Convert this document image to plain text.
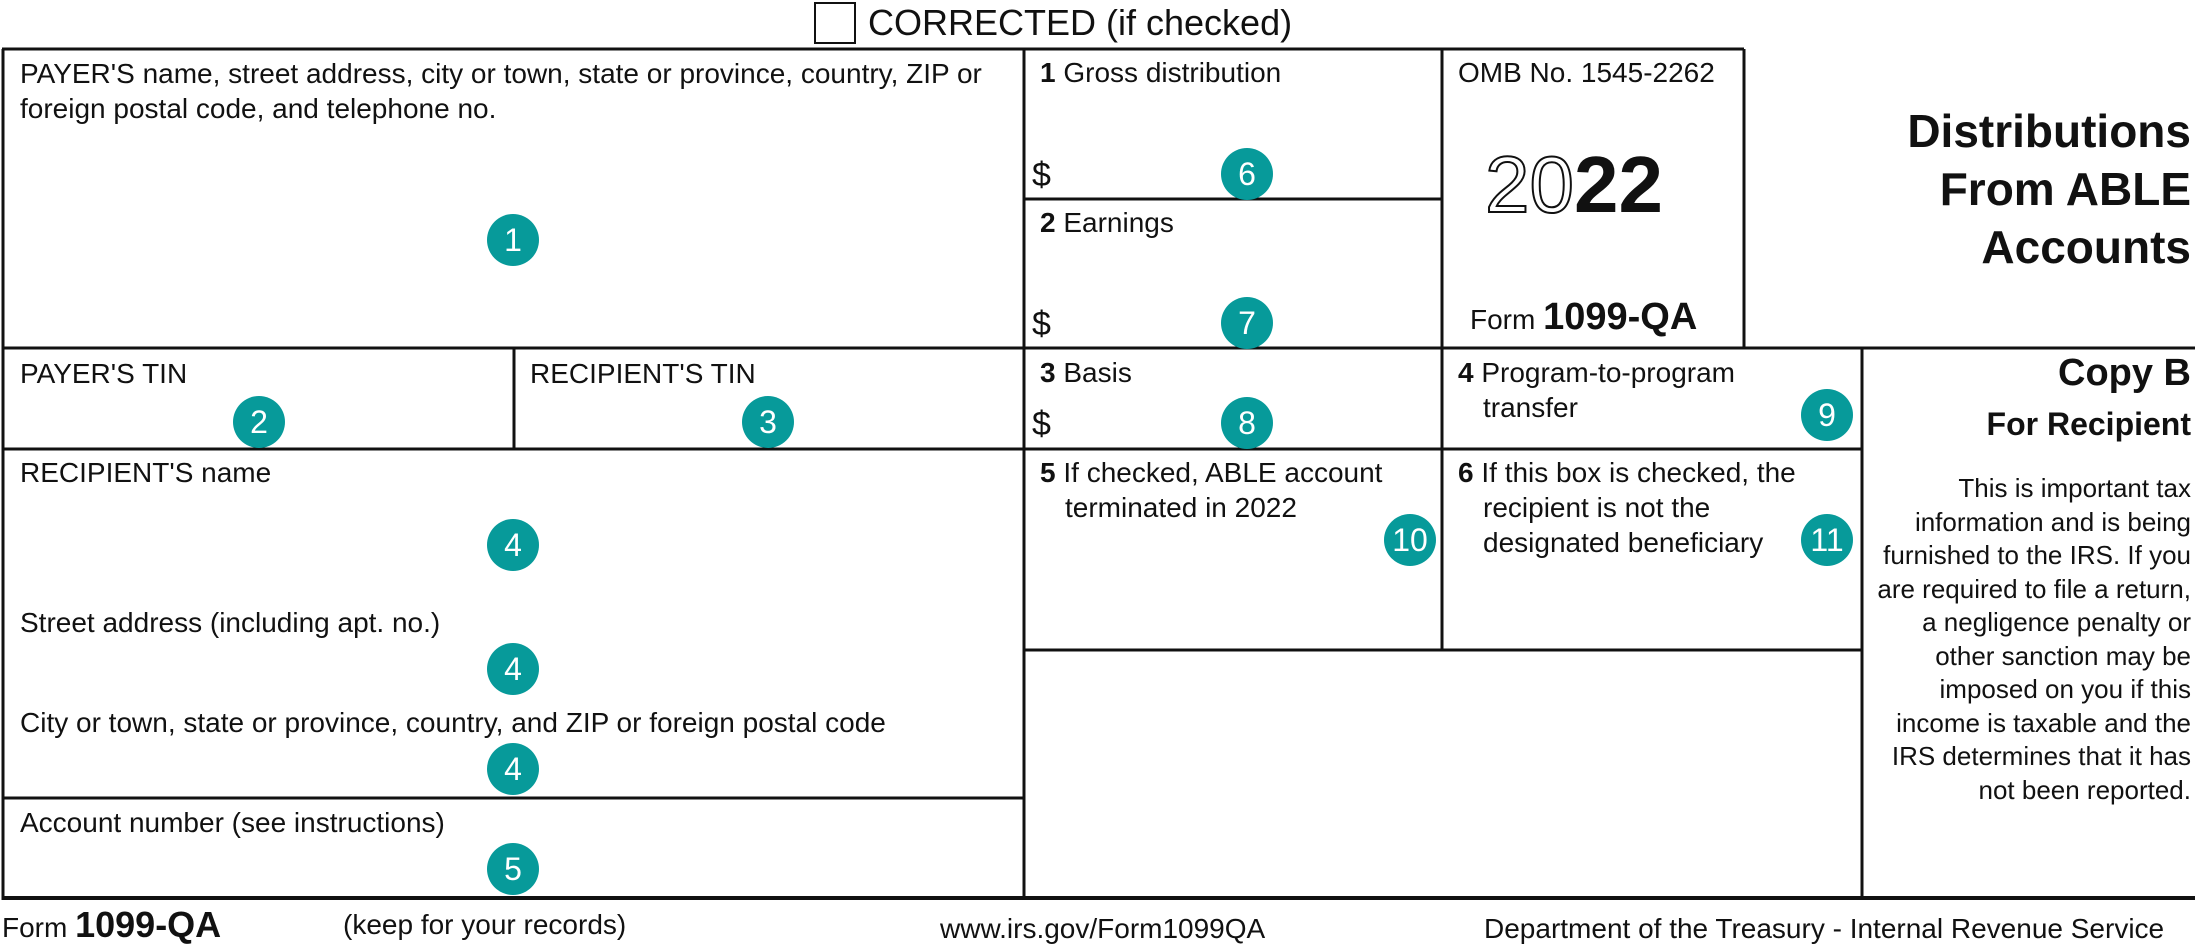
CORRECTED (if checked)
PAYER'S name, street address, city or town, state or province, country, ZIP or foreign postal code, and telephone no.
1
PAYER'S TIN
2
RECIPIENT'S TIN
3
RECIPIENT'S name
4
Street address (including apt. no.)
4
City or town, state or province, country, and ZIP or foreign postal code
4
Account number (see instructions)
5
1 Gross distribution
$	6
2 Earnings
$	7
3 Basis
$	8
4 Program-to-program
transfer	9
5 If checked, ABLE account
terminated in 2022
10
6 If this box is checked, the
recipient is not the
designated beneficiary 11
OMB No. 1545-2262
2022
Form 1099-QA
Distributions
From ABLE
Accounts
Copy B
For Recipient
This is important tax information and is being furnished to the IRS. If you are required to file a return, a negligence penalty or other sanction may be imposed on you if this income is taxable and the IRS determines that it has not been reported.
Form 1099-QA	(keep for your records)	www.irs.gov/Form1099QA	Department of the Treasury - Internal Revenue Service
